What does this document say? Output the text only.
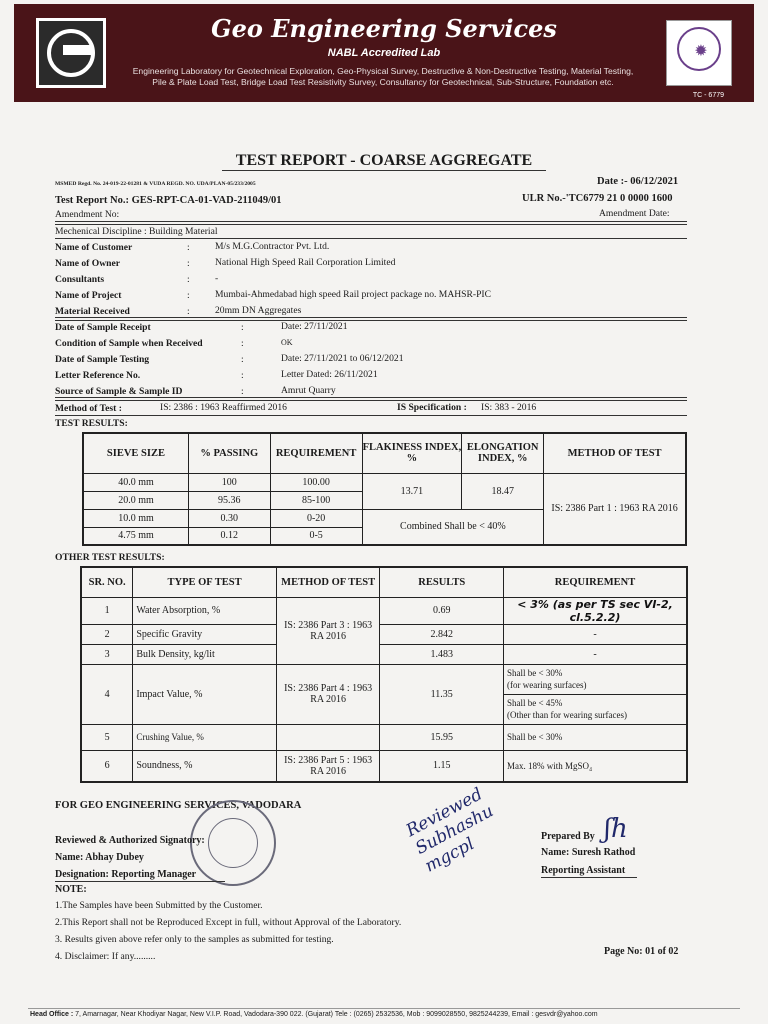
Geo Engineering Services
NABL Accredited Lab
Engineering Laboratory for Geotechnical Exploration, Geo-Physical Survey, Destructive & Non-Destructive Testing, Material Testing,
Pile & Plate Load Test, Bridge Load Test Resistivity Survey, Consultancy for Geotechnical, Sub-Structure, Foundation etc.
✹
TC - 6779
TEST REPORT - COARSE AGGREGATE
MSMED Regd. No. 24-019-22-01281 & VUDA REGD. NO. UDA/PLAN-05/233/2005	Date :- 06/12/2021
Test Report No.: GES-RPT-CA-01-VAD-211049/01	ULR No.-'TC6779 21 0 0000 1600
Amendment No:	Amendment Date:
Mechenical Discipline : Building Material
Name of Customer	:	M/s M.G.Contractor Pvt. Ltd.
Name of Owner	:	National High Speed Rail Corporation Limited
Consultants	:	-
Name of Project	:	Mumbai-Ahmedabad high speed Rail project package no. MAHSR-PIC
Material Received	:	20mm DN Aggregates
Date of Sample Receipt	:	Date: 27/11/2021
Condition of Sample when Received	:	OK
Date of Sample Testing	:	Date: 27/11/2021 to 06/12/2021
Letter Reference No.	:	Letter Dated: 26/11/2021
Source of Sample & Sample ID	:	Amrut Quarry
Method of Test :	IS: 2386 : 1963 Reaffirmed 2016	IS Specification : IS: 383 - 2016
TEST RESULTS:
SIEVE SIZE	% PASSING	REQUIREMENT	FLAKINESS INDEX, %	ELONGATION INDEX, %	METHOD OF TEST
40.0 mm	100	100.00	13.71	18.47	IS: 2386 Part 1 : 1963 RA 2016
20.0 mm	95.36	85-100			
10.0 mm	0.30	0-20	Combined Shall be < 40%		
4.75 mm	0.12	0-5			
OTHER TEST RESULTS:
SR. NO.	TYPE OF TEST	METHOD OF TEST	RESULTS	REQUIREMENT
1	Water Absorption, %	IS: 2386 Part 3 : 1963 RA 2016	0.69	< 3% (as per TS sec VI-2, cl.5.2.2)
2	Specific Gravity		2.842	-
3	Bulk Density, kg/lit		1.483	-
4	Impact Value, %	IS: 2386 Part 4 : 1963 RA 2016	11.35	Shall be < 30%
(for wearing surfaces)

				Shall be < 45%
(Other than for wearing surfaces)

5	Crushing Value, %		15.95	Shall be < 30%
6	Soundness, %	IS: 2386 Part 5 : 1963 RA 2016	1.15	Max. 18% with MgSO₄
FOR GEO ENGINEERING SERVICES, VADODARA
Reviewed & Authorized Signatory:
Name: Abhay Dubey
Designation: Reporting Manager
Reviewed
Subhashu
mgcpl	Prepared By ʃh
Name: Suresh Rathod
Reporting Assistant
NOTE:
1.The Samples have been Submitted by the Customer.
2.This Report shall not be Reproduced Except in full, without Approval of the Laboratory.
3. Results given above refer only to the samples as submitted for testing.
4. Disclaimer: If any.........	Page No: 01 of 02
Head Office : 7, Amarnagar, Near Khodiyar Nagar, New V.I.P. Road, Vadodara-390 022. (Gujarat) Tele : (0265) 2532536, Mob : 9099028550, 9825244239, Email : gesvdr@yahoo.com
